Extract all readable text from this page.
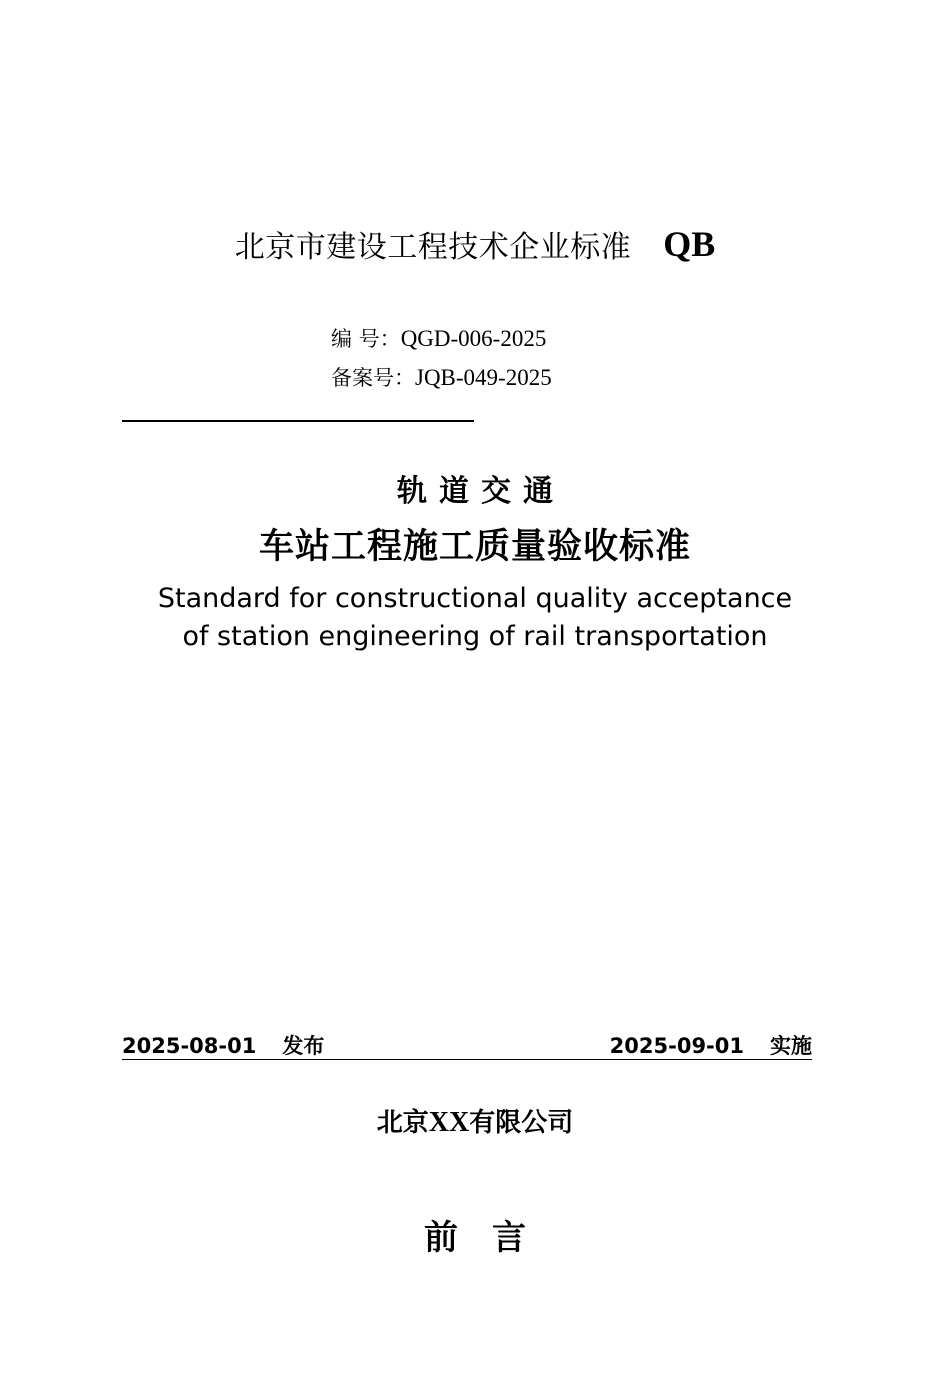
北京市建设工程技术企业标准 QB
编 号：QGD-006-2025
备案号：JQB-049-2025
轨道交通
车站工程施工质量验收标准
Standard for constructional quality acceptance
of station engineering of rail transportation
2025-08-01 发布	2025-09-01 实施
北京XX有限公司
前言
